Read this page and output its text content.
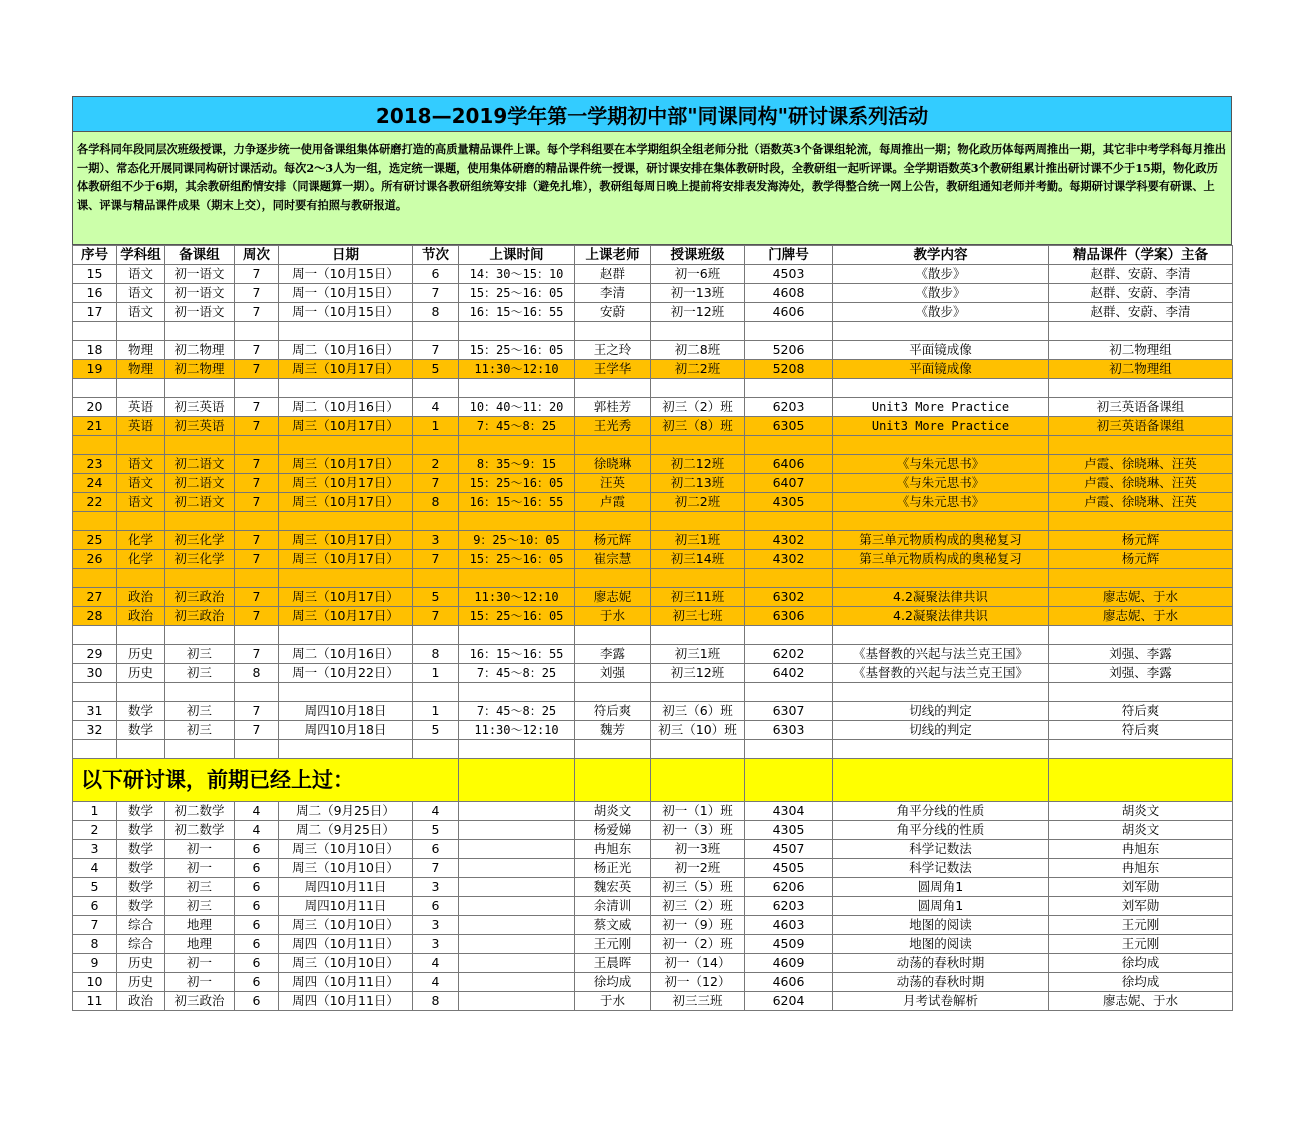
2018—2019学年第一学期初中部"同课同构"研讨课系列活动
各学科同年段同层次班级授课，力争逐步统一使用备课组集体研磨打造的高质量精品课件上课。每个学科组要在本学期组织全组老师分批（语数英3个备课组轮流，每周推出一期；物化政历体每两周推出一期，其它非中考学科每月推出一期）、常态化开展同课同构研讨课活动。每次2～3人为一组，选定统一课题，使用集体研磨的精品课件统一授课，研讨课安排在集体教研时段，全教研组一起听评课。全学期语数英3个教研组累计推出研讨课不少于15期，物化政历体教研组不少于6期，其余教研组酌情安排（同课题算一期）。所有研讨课各教研组统筹安排（避免扎堆），教研组每周日晚上提前将安排表发海涛处，教学得整合统一网上公告，教研组通知老师并考勤。每期研讨课学科要有研课、上课、评课与精品课件成果（期末上交），同时要有拍照与教研报道。
序号	学科组	备课组	周次	日期	节次	上课时间	上课老师	授课班级	门牌号	教学内容	精品课件（学案）主备
15	语文	初一语文	7	周一（10月15日）	6	14：30～15：10	赵群	初一6班	4503	《散步》	赵群、安蔚、李清
16	语文	初一语文	7	周一（10月15日）	7	15：25～16：05	李清	初一13班	4608	《散步》	赵群、安蔚、李清
17	语文	初一语文	7	周一（10月15日）	8	16：15～16：55	安蔚	初一12班	4606	《散步》	赵群、安蔚、李清

18	物理	初二物理	7	周二（10月16日）	7	15：25～16：05	王之玲	初二8班	5206	平面镜成像	初二物理组
19	物理	初二物理	7	周三（10月17日）	5	11:30～12:10	王学华	初二2班	5208	平面镜成像	初二物理组

20	英语	初三英语	7	周二（10月16日）	4	10：40～11：20	郭桂芳	初三（2）班	6203	Unit3 More Practice	初三英语备课组
21	英语	初三英语	7	周三（10月17日）	1	7：45～8：25	王光秀	初三（8）班	6305	Unit3 More Practice	初三英语备课组

23	语文	初二语文	7	周三（10月17日）	2	8：35～9：15	徐晓琳	初二12班	6406	《与朱元思书》	卢霞、徐晓琳、汪英
24	语文	初二语文	7	周三（10月17日）	7	15：25～16：05	汪英	初二13班	6407	《与朱元思书》	卢霞、徐晓琳、汪英
22	语文	初二语文	7	周三（10月17日）	8	16：15～16：55	卢霞	初二2班	4305	《与朱元思书》	卢霞、徐晓琳、汪英

25	化学	初三化学	7	周三（10月17日）	3	9：25～10：05	杨元辉	初三1班	4302	第三单元物质构成的奥秘复习	杨元辉
26	化学	初三化学	7	周三（10月17日）	7	15：25～16：05	崔宗慧	初三14班	4302	第三单元物质构成的奥秘复习	杨元辉

27	政治	初三政治	7	周三（10月17日）	5	11:30～12:10	廖志妮	初三11班	6302	4.2凝聚法律共识	廖志妮、于水
28	政治	初三政治	7	周三（10月17日）	7	15：25～16：05	于水	初三七班	6306	4.2凝聚法律共识	廖志妮、于水

29	历史	初三	7	周二（10月16日）	8	16：15～16：55	李露	初三1班	6202	《基督教的兴起与法兰克王国》	刘强、李露
30	历史	初三	8	周一（10月22日）	1	7：45～8：25	刘强	初三12班	6402	《基督教的兴起与法兰克王国》	刘强、李露

31	数学	初三	7	周四10月18日	1	7：45～8：25	符后爽	初三（6）班	6307	切线的判定	符后爽
32	数学	初三	7	周四10月18日	5	11:30～12:10	魏芳	初三（10）班	6303	切线的判定	符后爽

以下研讨课，前期已经上过：											
1	数学	初二数学	4	周二（9月25日）	4		胡炎文	初一（1）班	4304	角平分线的性质	胡炎文
2	数学	初二数学	4	周二（9月25日）	5		杨爱娣	初一（3）班	4305	角平分线的性质	胡炎文
3	数学	初一	6	周三（10月10日）	6		冉旭东	初一3班	4507	科学记数法	冉旭东
4	数学	初一	6	周三（10月10日）	7		杨正光	初一2班	4505	科学记数法	冉旭东
5	数学	初三	6	周四10月11日	3		魏宏英	初三（5）班	6206	圆周角1	刘军勋
6	数学	初三	6	周四10月11日	6		余清训	初三（2）班	6203	圆周角1	刘军勋
7	综合	地理	6	周三（10月10日）	3		蔡文威	初一（9）班	4603	地图的阅读	王元刚
8	综合	地理	6	周四（10月11日）	3		王元刚	初一（2）班	4509	地图的阅读	王元刚
9	历史	初一	6	周三（10月10日）	4		王晨晖	初一（14）	4609	动荡的春秋时期	徐均成
10	历史	初一	6	周四（10月11日）	4		徐均成	初一（12）	4606	动荡的春秋时期	徐均成
11	政治	初三政治	6	周四（10月11日）	8		于水	初三三班	6204	月考试卷解析	廖志妮、于水
